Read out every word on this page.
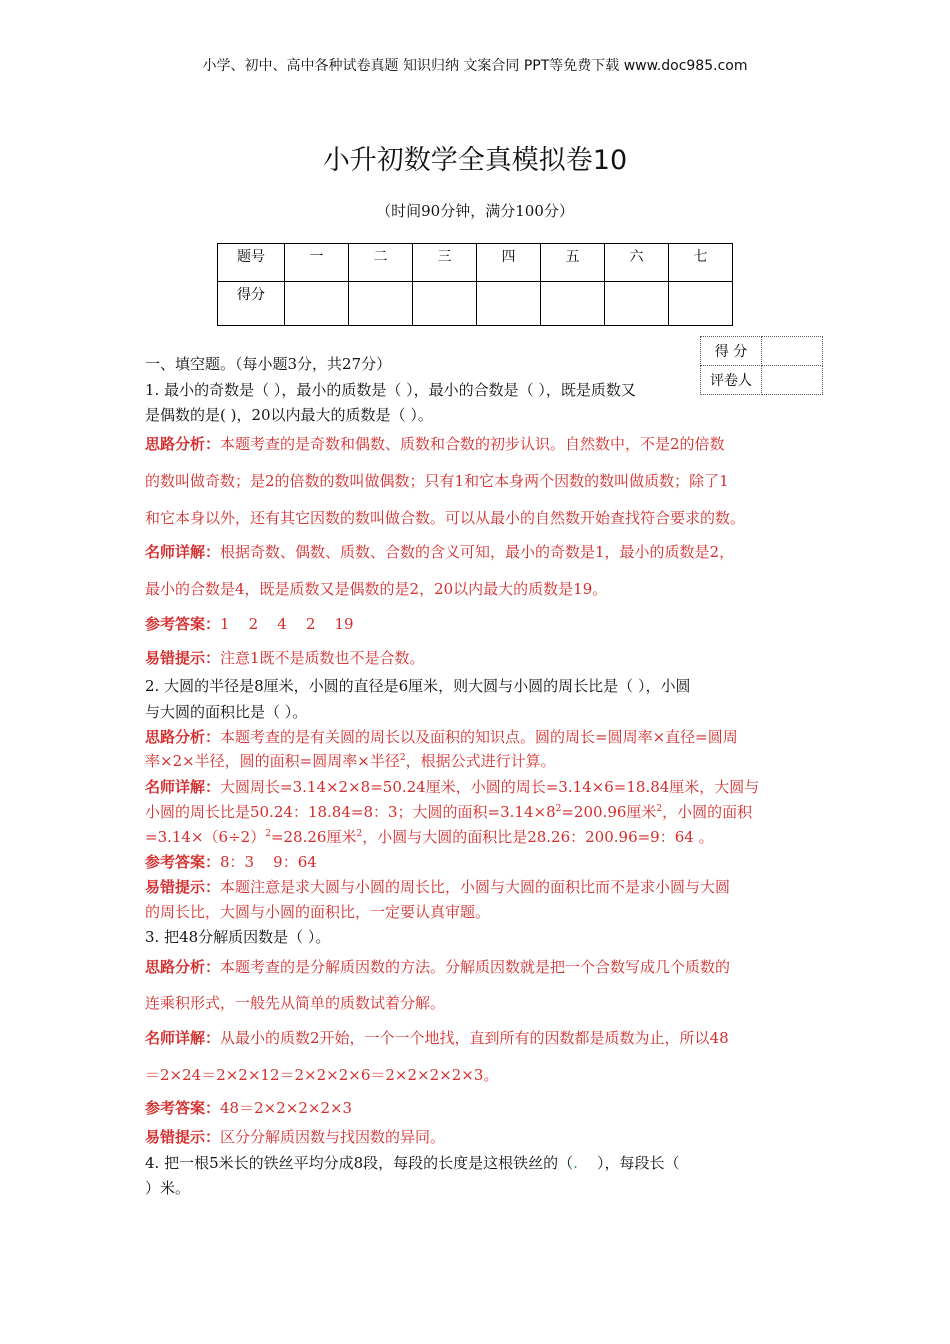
小学、初中、高中各种试卷真题 知识归纳 文案合同 PPT等免费下载 www.doc985.com
小升初数学全真模拟卷10
（时间90分钟，满分100分）
题号	一	二	三	四	五	六	七
得分							
一、填空题。（每小题3分，共27分）
1. 最小的奇数是（ ），最小的质数是（ ），最小的合数是（ ），既是质数又
是偶数的是( )，20以内最大的质数是（ ）。
得 分	
评卷人	
思路分析：本题考查的是奇数和偶数、质数和合数的初步认识。自然数中，不是2的倍数
的数叫做奇数；是2的倍数的数叫做偶数；只有1和它本身两个因数的数叫做质数；除了1
和它本身以外，还有其它因数的数叫做合数。可以从最小的自然数开始查找符合要求的数。
名师详解：根据奇数、偶数、质数、合数的含义可知，最小的奇数是1，最小的质数是2，
最小的合数是4，既是质数又是偶数的是2，20以内最大的质数是19。
参考答案：1    2    4    2    19
易错提示：注意1既不是质数也不是合数。
2. 大圆的半径是8厘米，小圆的直径是6厘米，则大圆与小圆的周长比是（ ），小圆
与大圆的面积比是（ ）。
思路分析：本题考查的是有关圆的周长以及面积的知识点。圆的周长=圆周率×直径=圆周
率×2×半径，圆的面积=圆周率×半径$^2$，根据公式进行计算。
名师详解：大圆周长=3.14×2×8=50.24厘米，小圆的周长=3.14×6=18.84厘米，大圆与
小圆的周长比是50.24：18.84=8：3；大圆的面积$=3.14\times 8^2=200.96$厘米$^2$，小圆的面积
$=3.14\times(6\div 2)^2=28.26$厘米$^2$，小圆与大圆的面积比是28.26：200.96=9：64 。
参考答案：8：3    9：64
易错提示：本题注意是求大圆与小圆的周长比，小圆与大圆的面积比而不是求小圆与大圆
的周长比，大圆与小圆的面积比，一定要认真审题。
3. 把48分解质因数是（ ）。
思路分析：本题考查的是分解质因数的方法。分解质因数就是把一个合数写成几个质数的
连乘积形式，一般先从简单的质数试着分解。
名师详解：从最小的质数2开始，一个一个地找，直到所有的因数都是质数为止，所以48
＝2×24＝2×2×12＝2×2×2×6＝2×2×2×2×3。
参考答案：48＝2×2×2×2×3
易错提示：区分分解质因数与找因数的异同。
4. 把一根5米长的铁丝平均分成8段，每段的长度是这根铁丝的（.    ），每段长（
）米。
